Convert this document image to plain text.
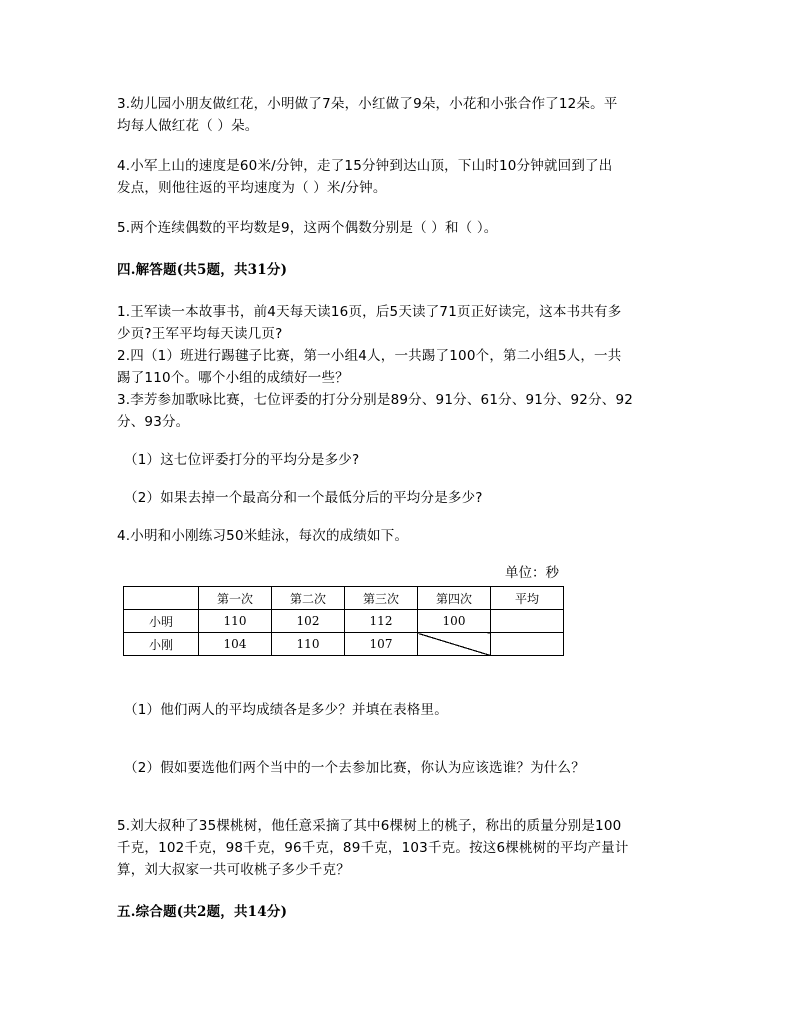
3.幼儿园小朋友做红花，小明做了7朵，小红做了9朵，小花和小张合作了12朵。平
均每人做红花（ ）朵。
4.小军上山的速度是60米/分钟，走了15分钟到达山顶，下山时10分钟就回到了出
发点，则他往返的平均速度为（ ）米/分钟。
5.两个连续偶数的平均数是9，这两个偶数分别是（ ）和（ ）。
四.解答题(共5题，共31分)
1.王军读一本故事书，前4天每天读16页，后5天读了71页正好读完，这本书共有多
少页?王军平均每天读几页?
2.四（1）班进行踢毽子比赛，第一小组4人，一共踢了100个，第二小组5人，一共
踢了110个。哪个小组的成绩好一些？
3.李芳参加歌咏比赛，七位评委的打分分别是89分、91分、61分、91分、92分、92
分、93分。
（1）这七位评委打分的平均分是多少?
（2）如果去掉一个最高分和一个最低分后的平均分是多少?
4.小明和小刚练习50米蛙泳，每次的成绩如下。
单位：秒
	第一次	第二次	第三次	第四次	平均
小明	110	102	112	100	
小刚	104	110	107		
（1）他们两人的平均成绩各是多少？并填在表格里。
（2）假如要选他们两个当中的一个去参加比赛，你认为应该选谁？为什么？
5.刘大叔种了35棵桃树，他任意采摘了其中6棵树上的桃子，称出的质量分别是100
千克，102千克，98千克，96千克，89千克，103千克。按这6棵桃树的平均产量计
算，刘大叔家一共可收桃子多少千克？
五.综合题(共2题，共14分)
